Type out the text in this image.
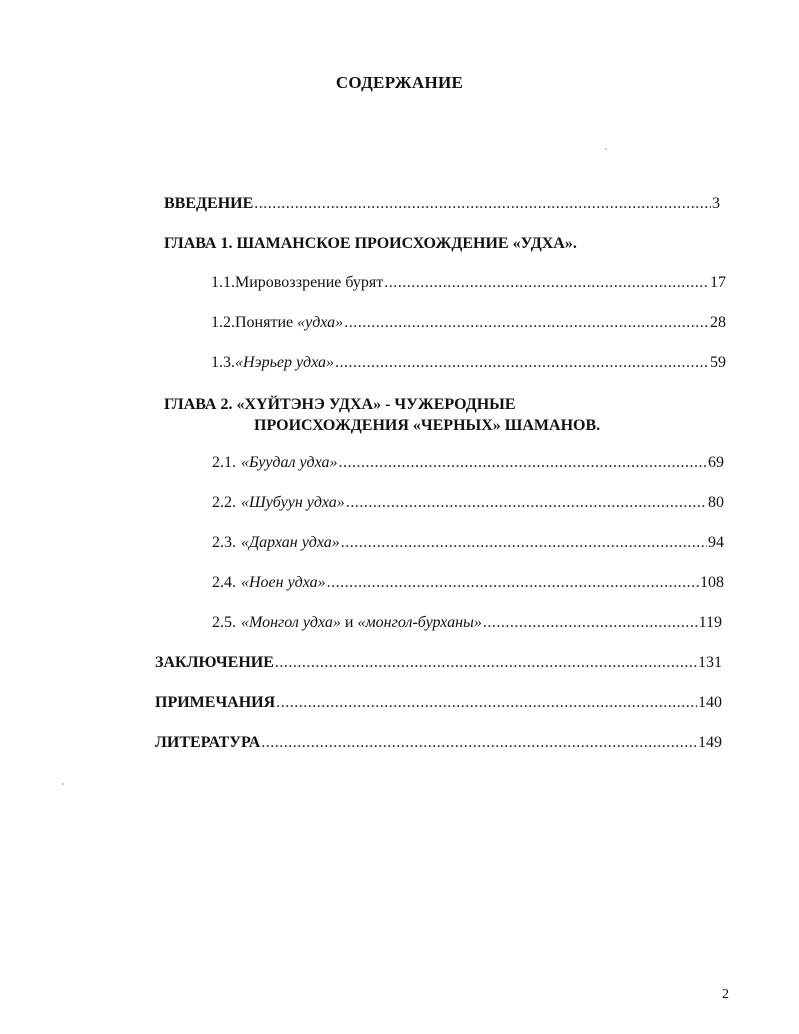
СОДЕРЖАНИЕ
ВВЕДЕНИЕ .....	3
ГЛАВА 1. ШАМАНСКОЕ ПРОИСХОЖДЕНИЕ «УДХА».
1.1. Мировоззрение бурят .....	17
1.2. Понятие «удха» .....	28
1.3. «Нэрьер удха» .....	59
ГЛАВА 2. «ХҮЙТЭНЭ УДХА» - ЧУЖЕРОДНЫЕ
ПРОИСХОЖДЕНИЯ «ЧЕРНЫХ» ШАМАНОВ.
2.1. «Буудал удха» .....	69
2.2. «Шубуун удха» .....	80
2.3. «Дархан удха» .....	94
2.4. «Ноен удха» .....	108
2.5. «Монгол удха» и «монгол-бурханы» .....	119
ЗАКЛЮЧЕНИЕ .....	131
ПРИМЕЧАНИЯ .....	140
ЛИТЕРАТУРА .....	149
2
